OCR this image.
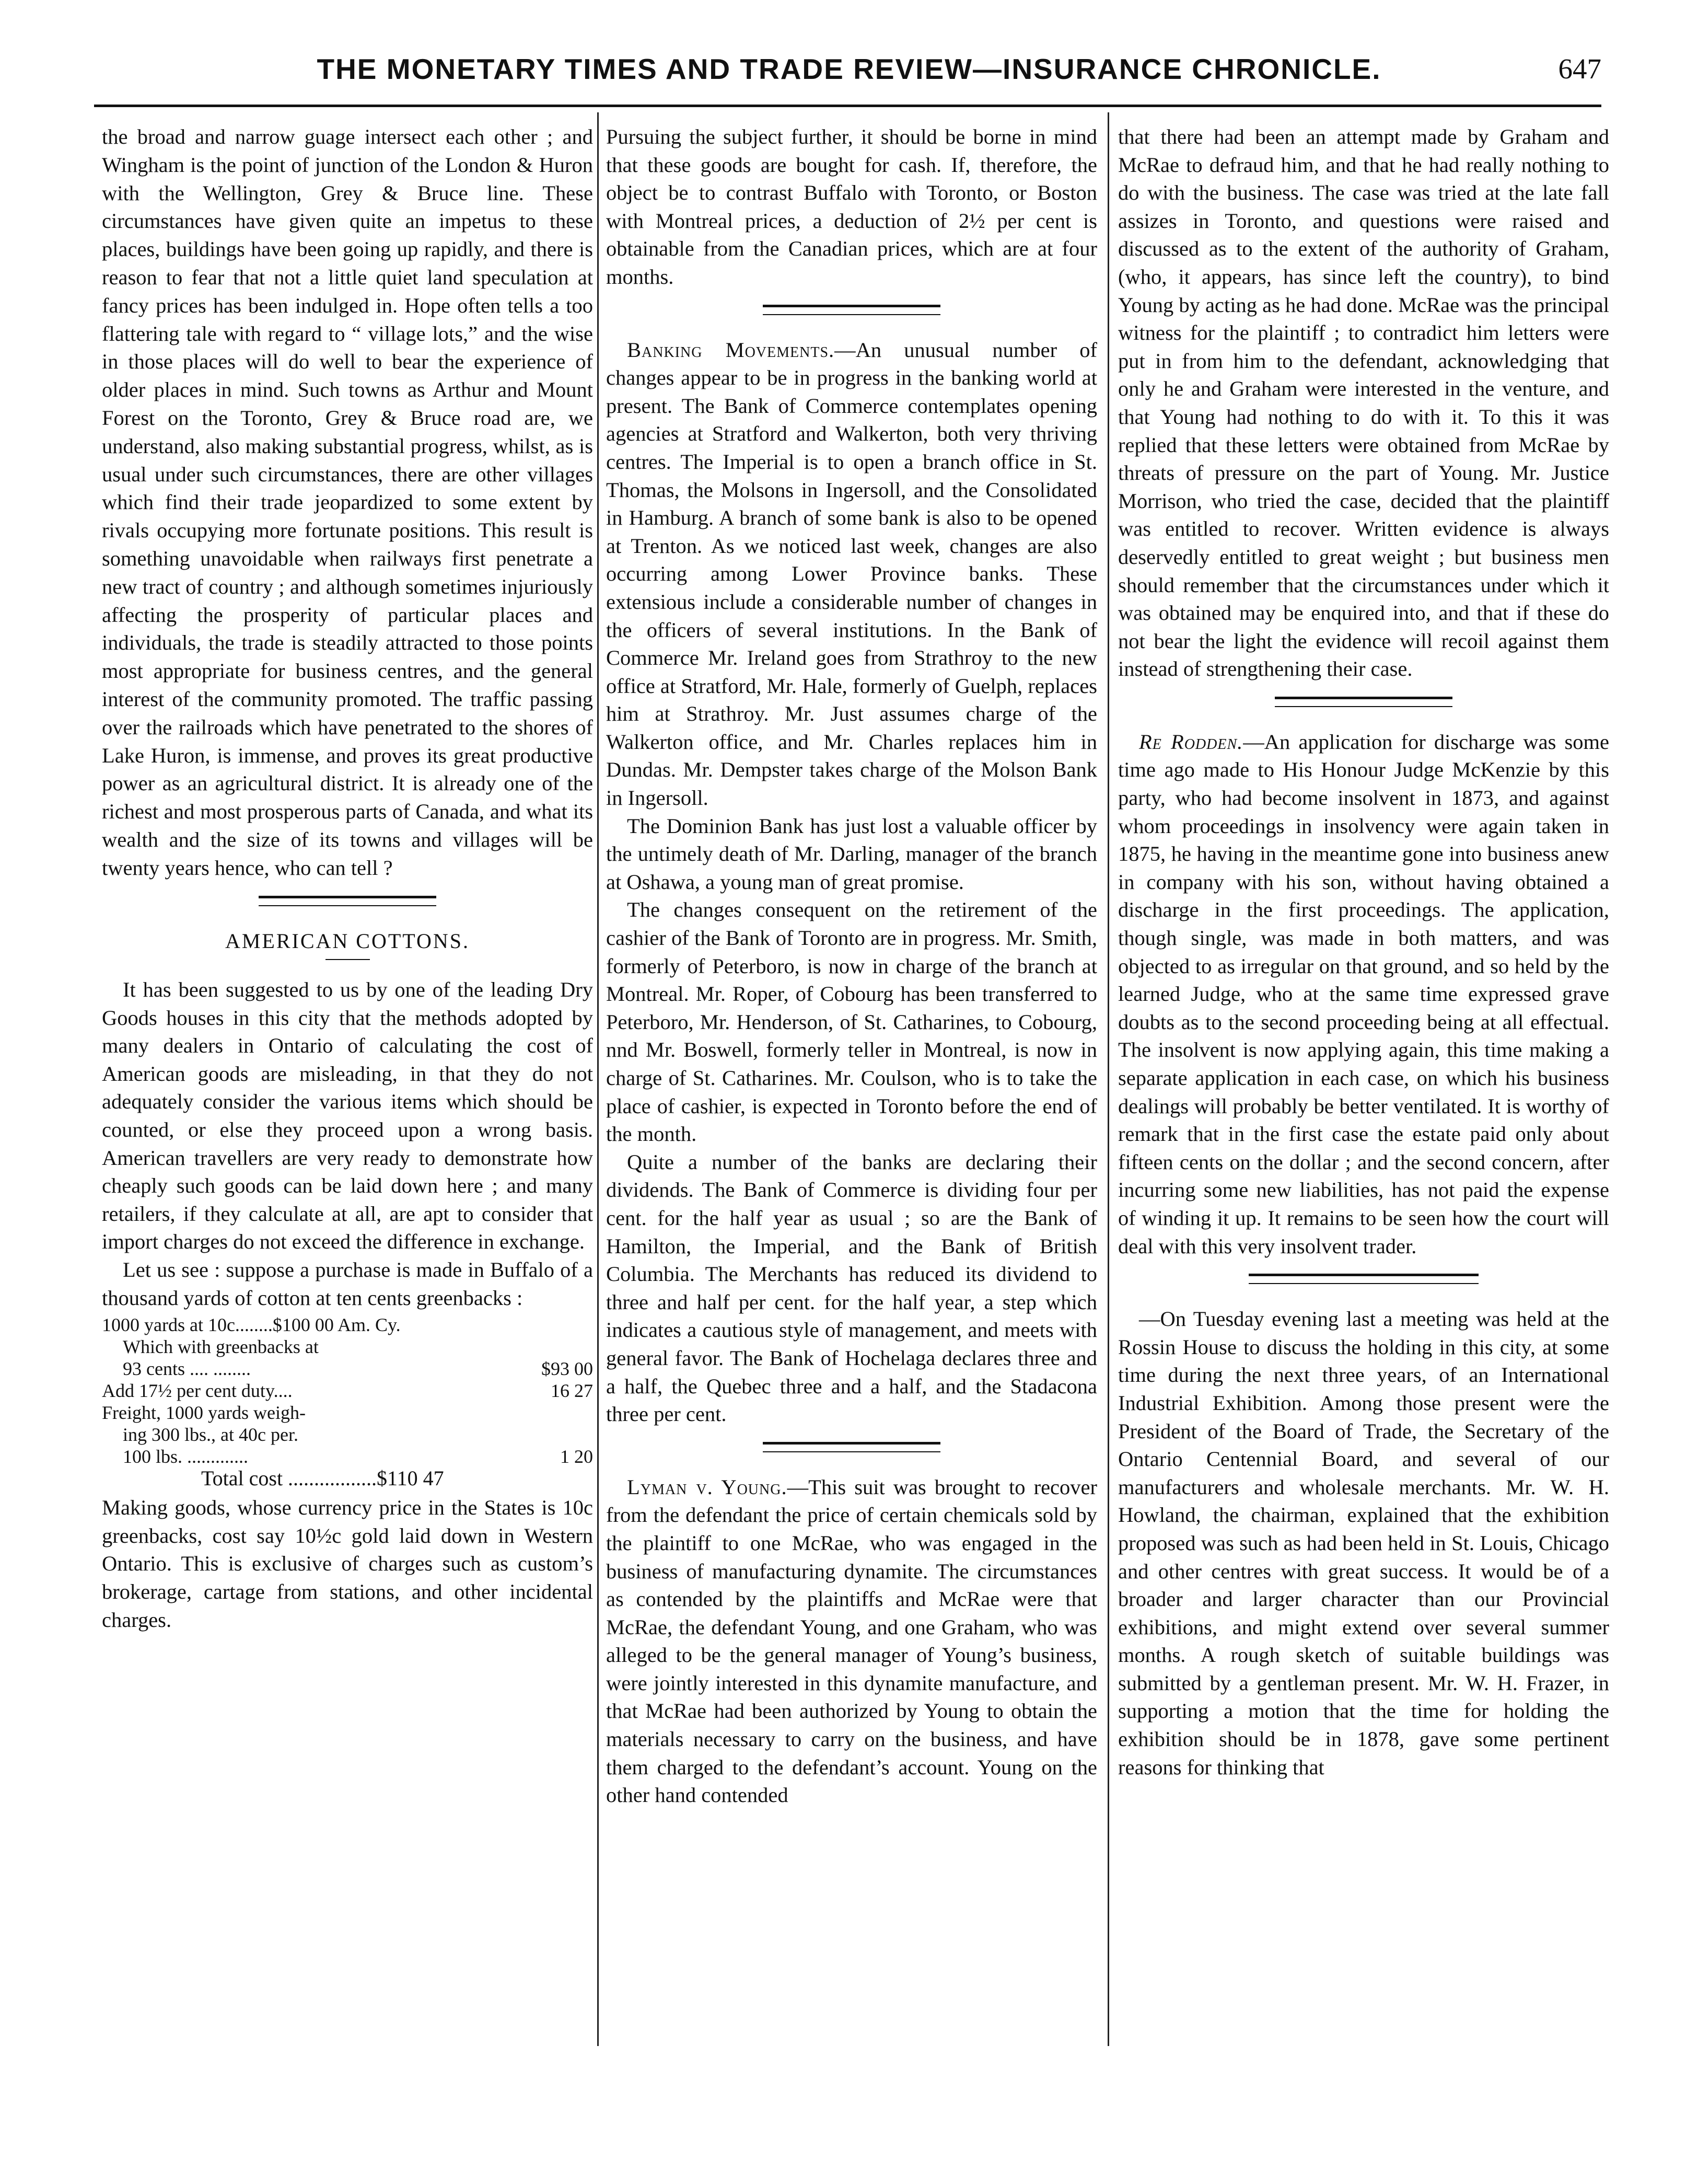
THE MONETARY TIMES AND TRADE REVIEW—INSURANCE CHRONICLE.	647

the broad and narrow guage intersect each other ; and Wingham is the point of junction of the London & Huron with the Wellington, Grey & Bruce line. These circumstances have given quite an impetus to these places, buildings have been going up rapidly, and there is reason to fear that not a little quiet land speculation at fancy prices has been indulged in. Hope often tells a too flattering tale with regard to “ village lots,” and the wise in those places will do well to bear the experience of older places in mind. Such towns as Arthur and Mount Forest on the Toronto, Grey & Bruce road are, we understand, also making substantial progress, whilst, as is usual under such circumstances, there are other villages which find their trade jeopardized to some extent by rivals occupying more fortunate positions. This result is something unavoidable when railways first penetrate a new tract of country ; and although sometimes injuriously affecting the prosperity of particular places and individuals, the trade is steadily attracted to those points most appropriate for business centres, and the general interest of the community promoted. The traffic passing over the railroads which have penetrated to the shores of Lake Huron, is immense, and proves its great productive power as an agricultural district. It is already one of the richest and most prosperous parts of Canada, and what its wealth and the size of its towns and villages will be twenty years hence, who can tell ?

AMERICAN COTTONS.

It has been suggested to us by one of the leading Dry Goods houses in this city that the methods adopted by many dealers in Ontario of calculating the cost of American goods are misleading, in that they do not adequately consider the various items which should be counted, or else they proceed upon a wrong basis. American travellers are very ready to demonstrate how cheaply such goods can be laid down here ; and many retailers, if they calculate at all, are apt to consider that import charges do not exceed the difference in exchange.

Let us see : suppose a purchase is made in Buffalo of a thousand yards of cotton at ten cents greenbacks :

1000 yards at 10c........$100 00 Am. Cy.
Which with greenbacks at
93 cents .... ........	$93 00
Add 17½ per cent duty....	16 27
Freight, 1000 yards weigh-
ing 300 lbs., at 40c per.
100 lbs. .............	1 20
Total cost .................$110 47

Making goods, whose currency price in the States is 10c greenbacks, cost say 10½c gold laid down in Western Ontario. This is exclusive of charges such as custom’s brokerage, cartage from stations, and other incidental charges.

Pursuing the subject further, it should be borne in mind that these goods are bought for cash. If, therefore, the object be to contrast Buffalo with Toronto, or Boston with Montreal prices, a deduction of 2½ per cent is obtainable from the Canadian prices, which are at four months.

Banking Movements.—An unusual number of changes appear to be in progress in the banking world at present. The Bank of Commerce contemplates opening agencies at Stratford and Walkerton, both very thriving centres. The Imperial is to open a branch office in St. Thomas, the Molsons in Ingersoll, and the Consolidated in Hamburg. A branch of some bank is also to be opened at Trenton. As we noticed last week, changes are also occurring among Lower Province banks. These extensious include a considerable number of changes in the officers of several institutions. In the Bank of Commerce Mr. Ireland goes from Strathroy to the new office at Stratford, Mr. Hale, formerly of Guelph, replaces him at Strathroy. Mr. Just assumes charge of the Walkerton office, and Mr. Charles replaces him in Dundas. Mr. Dempster takes charge of the Molson Bank in Ingersoll.

The Dominion Bank has just lost a valuable officer by the untimely death of Mr. Darling, manager of the branch at Oshawa, a young man of great promise.

The changes consequent on the retirement of the cashier of the Bank of Toronto are in progress. Mr. Smith, formerly of Peterboro, is now in charge of the branch at Montreal. Mr. Roper, of Cobourg has been transferred to Peterboro, Mr. Henderson, of St. Catharines, to Cobourg, nnd Mr. Boswell, formerly teller in Montreal, is now in charge of St. Catharines. Mr. Coulson, who is to take the place of cashier, is expected in Toronto before the end of the month.

Quite a number of the banks are declaring their dividends. The Bank of Commerce is dividing four per cent. for the half year as usual ; so are the Bank of Hamilton, the Imperial, and the Bank of British Columbia. The Merchants has reduced its dividend to three and half per cent. for the half year, a step which indicates a cautious style of management, and meets with general favor. The Bank of Hochelaga declares three and a half, the Quebec three and a half, and the Stadacona three per cent.

Lyman v. Young.—This suit was brought to recover from the defendant the price of certain chemicals sold by the plaintiff to one McRae, who was engaged in the business of manufacturing dynamite. The circumstances as contended by the plaintiffs and McRae were that McRae, the defendant Young, and one Graham, who was alleged to be the general manager of Young’s business, were jointly interested in this dynamite manufacture, and that McRae had been authorized by Young to obtain the materials necessary to carry on the business, and have them charged to the defendant’s account. Young on the other hand contended

that there had been an attempt made by Graham and McRae to defraud him, and that he had really nothing to do with the business. The case was tried at the late fall assizes in Toronto, and questions were raised and discussed as to the extent of the authority of Graham, (who, it appears, has since left the country), to bind Young by acting as he had done. McRae was the principal witness for the plaintiff ; to contradict him letters were put in from him to the defendant, acknowledging that only he and Graham were interested in the venture, and that Young had nothing to do with it. To this it was replied that these letters were obtained from McRae by threats of pressure on the part of Young. Mr. Justice Morrison, who tried the case, decided that the plaintiff was entitled to recover. Written evidence is always deservedly entitled to great weight ; but business men should remember that the circumstances under which it was obtained may be enquired into, and that if these do not bear the light the evidence will recoil against them instead of strengthening their case.

Re Rodden.—An application for discharge was some time ago made to His Honour Judge McKenzie by this party, who had become insolvent in 1873, and against whom proceedings in insolvency were again taken in 1875, he having in the meantime gone into business anew in company with his son, without having obtained a discharge in the first proceedings. The application, though single, was made in both matters, and was objected to as irregular on that ground, and so held by the learned Judge, who at the same time expressed grave doubts as to the second proceeding being at all effectual. The insolvent is now applying again, this time making a separate application in each case, on which his business dealings will probably be better ventilated. It is worthy of remark that in the first case the estate paid only about fifteen cents on the dollar ; and the second concern, after incurring some new liabilities, has not paid the expense of winding it up. It remains to be seen how the court will deal with this very insolvent trader.

—On Tuesday evening last a meeting was held at the Rossin House to discuss the holding in this city, at some time during the next three years, of an International Industrial Exhibition. Among those present were the President of the Board of Trade, the Secretary of the Ontario Centennial Board, and several of our manufacturers and wholesale merchants. Mr. W. H. Howland, the chairman, explained that the exhibition proposed was such as had been held in St. Louis, Chicago and other centres with great success. It would be of a broader and larger character than our Provincial exhibitions, and might extend over several summer months. A rough sketch of suitable buildings was submitted by a gentleman present. Mr. W. H. Frazer, in supporting a motion that the time for holding the exhibition should be in 1878, gave some pertinent reasons for thinking that
